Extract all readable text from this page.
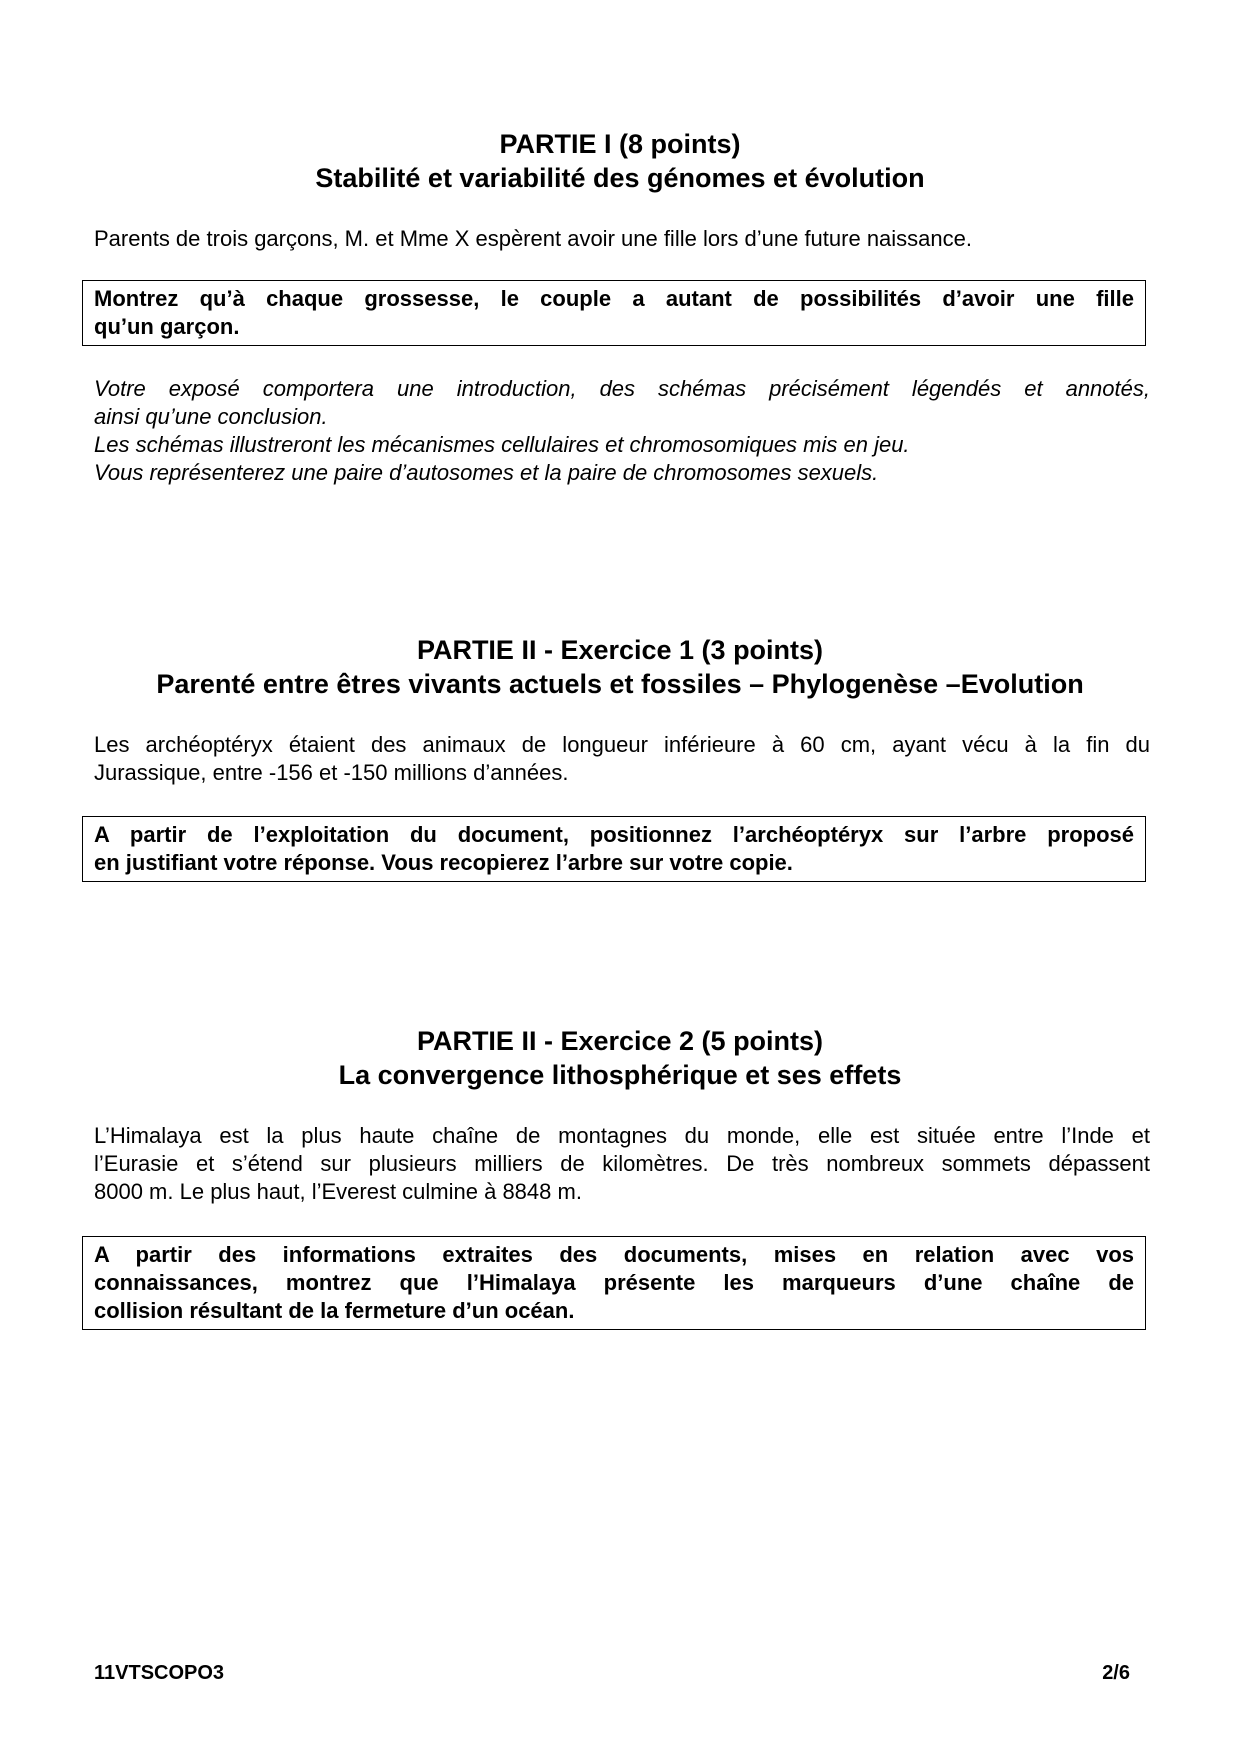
PARTIE I (8 points)
Stabilité et variabilité des génomes et évolution

Parents de trois garçons, M. et Mme X espèrent avoir une fille lors d’une future naissance.

Montrez qu’à chaque grossesse, le couple a autant de possibilités d’avoir une fille
qu’un garçon.
Votre exposé comportera une introduction, des schémas précisément légendés et annotés,
ainsi qu’une conclusion.
Les schémas illustreront les mécanismes cellulaires et chromosomiques mis en jeu.
Vous représenterez une paire d’autosomes et la paire de chromosomes sexuels.
PARTIE II - Exercice 1 (3 points)
Parenté entre êtres vivants actuels et fossiles – Phylogenèse –Evolution
Les archéoptéryx étaient des animaux de longueur inférieure à 60 cm, ayant vécu à la fin du
Jurassique, entre -156 et -150 millions d’années.
A partir de l’exploitation du document, positionnez l’archéoptéryx sur l’arbre proposé
en justifiant votre réponse. Vous recopierez l’arbre sur votre copie.
PARTIE II - Exercice 2 (5 points)
La convergence lithosphérique et ses effets
L’Himalaya est la plus haute chaîne de montagnes du monde, elle est située entre l’Inde et
l’Eurasie et s’étend sur plusieurs milliers de kilomètres. De très nombreux sommets dépassent
8000 m. Le plus haut, l’Everest culmine à 8848 m.
A partir des informations extraites des documents, mises en relation avec vos
connaissances, montrez que l’Himalaya présente les marqueurs d’une chaîne de
collision résultant de la fermeture d’un océan.
11VTSCOPO3	2/6
